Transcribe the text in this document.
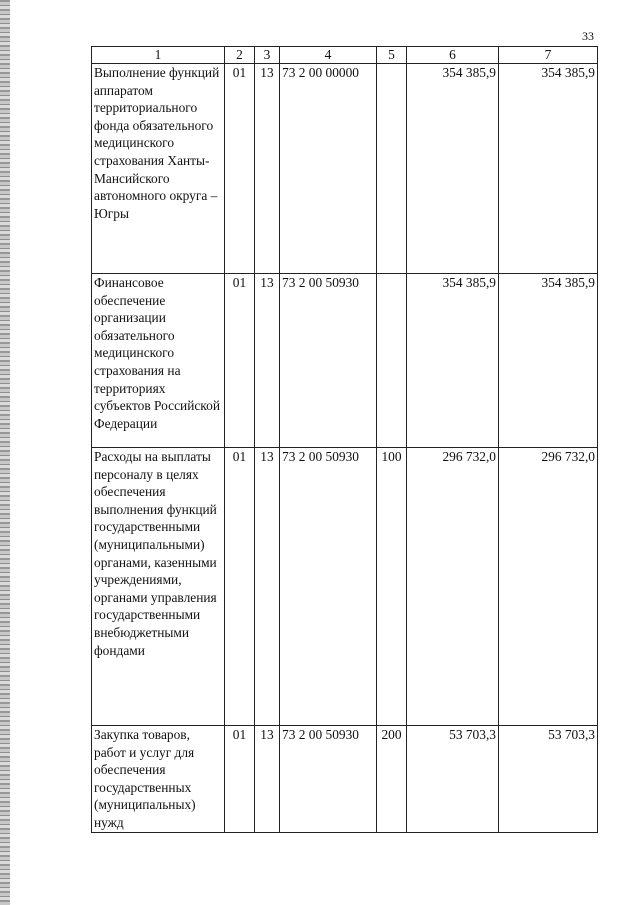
33
1	2	3	4	5	6	7
Выполнение функций аппаратом территориального фонда обязательного медицинского страхования Ханты-Мансийского автономного округа – Югры	01	13	73 2 00 00000		354 385,9	354 385,9
Финансовое обеспечение организации обязательного медицинского страхования на территориях субъектов Российской Федерации	01	13	73 2 00 50930		354 385,9	354 385,9
Расходы на выплаты персоналу в целях обеспечения выполнения функций государственными (муниципальными) органами, казенными учреждениями, органами управления государственными внебюджетными фондами	01	13	73 2 00 50930	100	296 732,0	296 732,0
Закупка товаров, работ и услуг для обеспечения государственных (муниципальных) нужд	01	13	73 2 00 50930	200	53 703,3	53 703,3
